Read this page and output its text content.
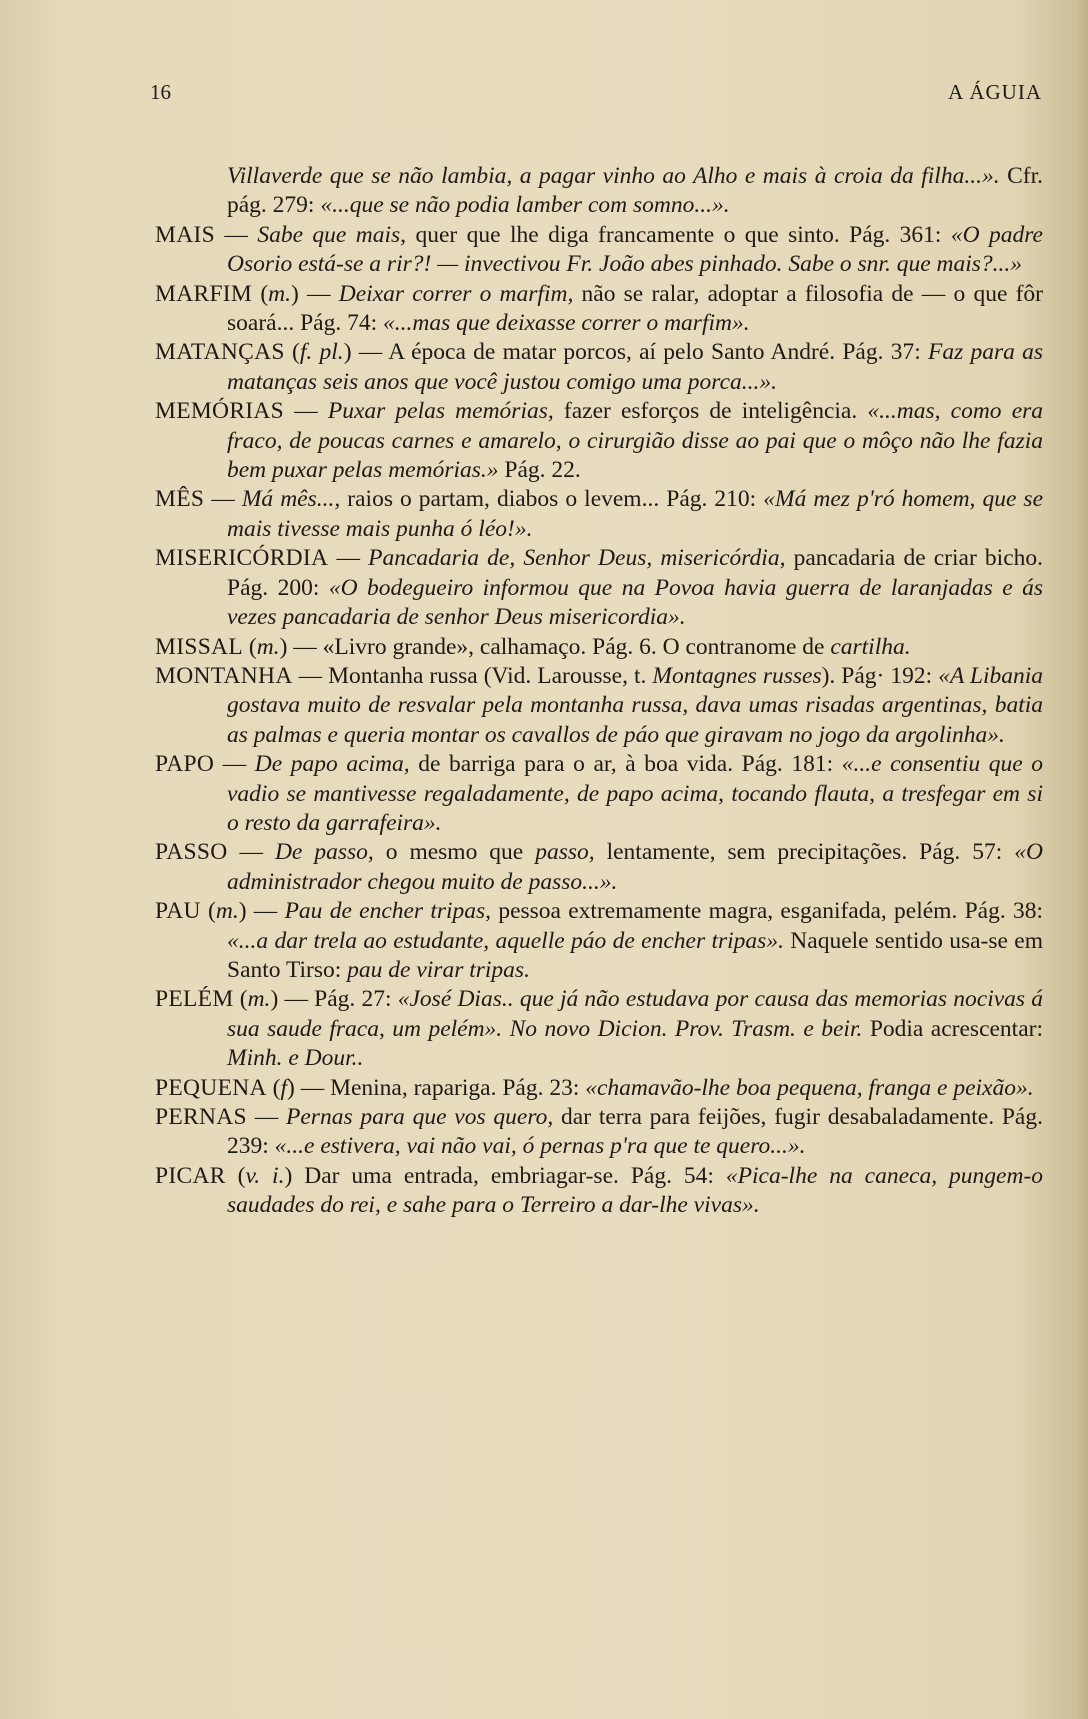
16	A ÁGUIA

Villaverde que se não lambia, a pagar vinho ao Alho e mais à croia da filha...». Cfr. pág. 279: «...que se não podia lamber com somno...».

MAIS — Sabe que mais, quer que lhe diga francamente o que sinto. Pág. 361: «O padre Osorio está-se a rir?! — invectivou Fr. João abes pinhado. Sabe o snr. que mais?...»

MARFIM (m.) — Deixar correr o marfim, não se ralar, adoptar a filosofia de — o que fôr soará... Pág. 74: «...mas que deixasse correr o marfim».

MATANÇAS (f. pl.) — A época de matar porcos, aí pelo Santo André. Pág. 37: Faz para as matanças seis anos que você justou comigo uma porca...».

MEMÓRIAS — Puxar pelas memórias, fazer esforços de inteligência. «...mas, como era fraco, de poucas carnes e amarelo, o cirurgião disse ao pai que o môço não lhe fazia bem puxar pelas memórias.» Pág. 22.

MÊS — Má mês..., raios o partam, diabos o levem... Pág. 210: «Má mez p'ró homem, que se mais tivesse mais punha ó léo!».

MISERICÓRDIA — Pancadaria de, Senhor Deus, misericórdia, pancadaria de criar bicho. Pág. 200: «O bodegueiro informou que na Povoa havia guerra de laranjadas e ás vezes pancadaria de senhor Deus misericordia».

MISSAL (m.) — «Livro grande», calhamaço. Pág. 6. O contranome de cartilha.

MONTANHA — Montanha russa (Vid. Larousse, t. Montagnes russes). Pág· 192: «A Libania gostava muito de resvalar pela montanha russa, dava umas risadas argentinas, batia as palmas e queria montar os cavallos de páo que giravam no jogo da argolinha».

PAPO — De papo acima, de barriga para o ar, à boa vida. Pág. 181: «...e consentiu que o vadio se mantivesse regaladamente, de papo acima, tocando flauta, a tresfegar em si o resto da garrafeira».

PASSO — De passo, o mesmo que passo, lentamente, sem precipitações. Pág. 57: «O administrador chegou muito de passo...».

PAU (m.) — Pau de encher tripas, pessoa extremamente magra, esganifada, pelém. Pág. 38: «...a dar trela ao estudante, aquelle páo de encher tripas». Naquele sentido usa-se em Santo Tirso: pau de virar tripas.

PELÉM (m.) — Pág. 27: «José Dias.. que já não estudava por causa das memorias nocivas á sua saude fraca, um pelém». No novo Dicion. Prov. Trasm. e beir. Podia acrescentar: Minh. e Dour..

PEQUENA (f) — Menina, rapariga. Pág. 23: «chamavão-lhe boa pequena, franga e peixão».

PERNAS — Pernas para que vos quero, dar terra para feijões, fugir desabaladamente. Pág. 239: «...e estivera, vai não vai, ó pernas p'ra que te quero...».

PICAR (v. i.) Dar uma entrada, embriagar-se. Pág. 54: «Pica-lhe na caneca, pungem-o saudades do rei, e sahe para o Terreiro a dar-lhe vivas».
